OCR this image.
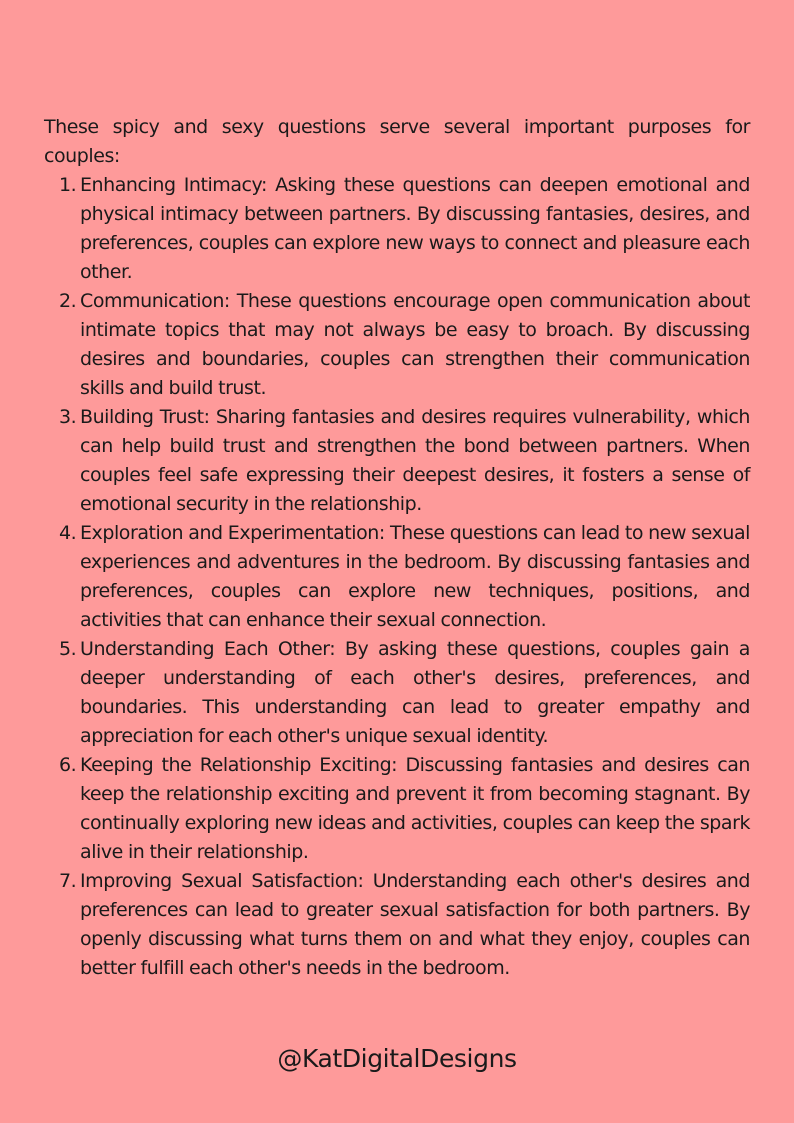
These spicy and sexy questions serve several important purposes for couples:

1. Enhancing Intimacy: Asking these questions can deepen emotional and physical intimacy between partners. By discussing fantasies, desires, and preferences, couples can explore new ways to connect and pleasure each other.
2. Communication: These questions encourage open communication about intimate topics that may not always be easy to broach. By discussing desires and boundaries, couples can strengthen their communication skills and build trust.
3. Building Trust: Sharing fantasies and desires requires vulnerability, which can help build trust and strengthen the bond between partners. When couples feel safe expressing their deepest desires, it fosters a sense of emotional security in the relationship.
4. Exploration and Experimentation: These questions can lead to new sexual experiences and adventures in the bedroom. By discussing fantasies and preferences, couples can explore new techniques, positions, and activities that can enhance their sexual connection.
5. Understanding Each Other: By asking these questions, couples gain a deeper understanding of each other's desires, preferences, and boundaries. This understanding can lead to greater empathy and appreciation for each other's unique sexual identity.
6. Keeping the Relationship Exciting: Discussing fantasies and desires can keep the relationship exciting and prevent it from becoming stagnant. By continually exploring new ideas and activities, couples can keep the spark alive in their relationship.
7. Improving Sexual Satisfaction: Understanding each other's desires and preferences can lead to greater sexual satisfaction for both partners. By openly discussing what turns them on and what they enjoy, couples can better fulfill each other's needs in the bedroom.
@KatDigitalDesigns
